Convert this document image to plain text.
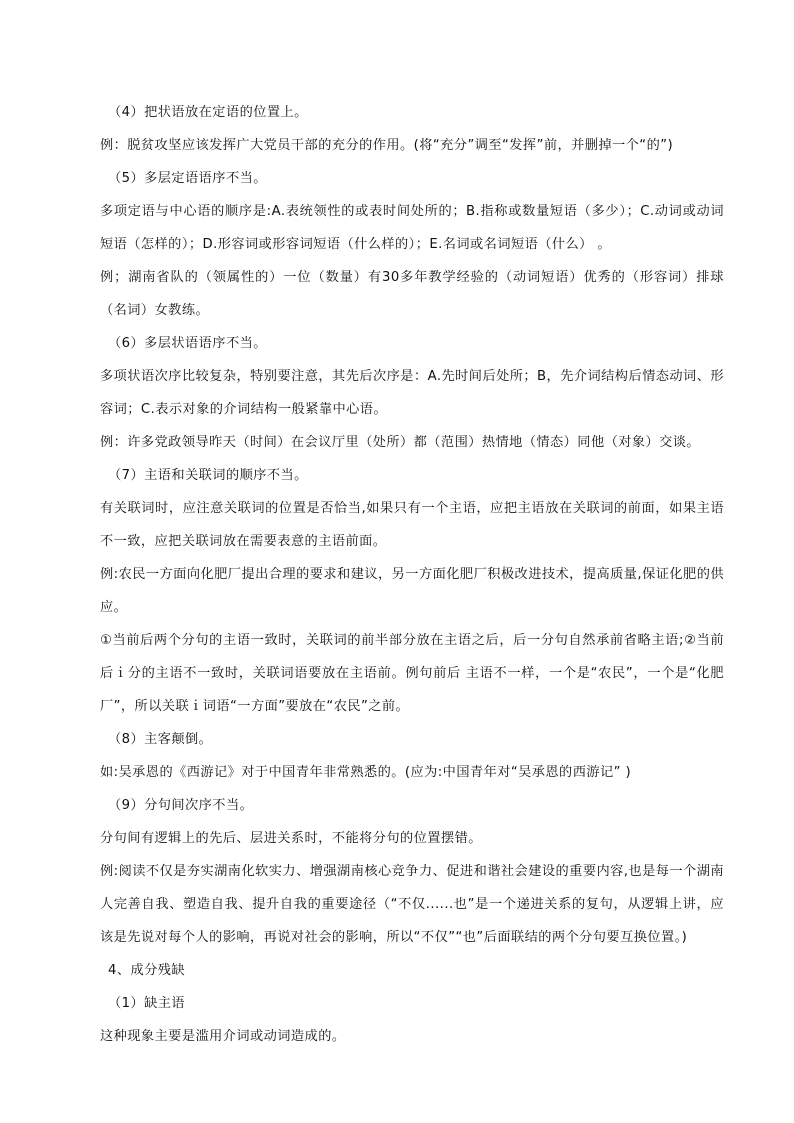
（4）把状语放在定语的位置上。

例：脱贫攻坚应该发挥广大党员干部的充分的作用。(将“充分”调至“发挥”前，并删掉一个“的”)

（5）多层定语语序不当。

多项定语与中心语的顺序是:A.表统领性的或表时间处所的；B.指称或数量短语（多少）；C.动词或动词短语（怎样的）；D.形容词或形容词短语（什么样的）；E.名词或名词短语（什么） 。

例；湖南省队的（领属性的）一位（数量）有30多年教学经验的（动词短语）优秀的（形容词）排球（名词）女教练。

（6）多层状语语序不当。

多项状语次序比较复杂，特别要注意，其先后次序是：A.先时间后处所；B，先介词结构后情态动词、形容词；C.表示对象的介词结构一般紧靠中心语。

例：许多党政领导昨天（时间）在会议厅里（处所）都（范围）热情地（情态）同他（对象）交谈。

（7）主语和关联词的顺序不当。

有关联词时，应注意关联词的位置是否恰当,如果只有一个主语，应把主语放在关联词的前面，如果主语不一致，应把关联词放在需要表意的主语前面。

例:农民一方面向化肥厂提出合理的要求和建议，另一方面化肥厂积极改进技术，提高质量,保证化肥的供应。

①当前后两个分句的主语一致时，关联词的前半部分放在主语之后，后一分句自然承前省略主语;②当前后ｉ分的主语不一致时，关联词语要放在主语前。例句前后 主语不一样，一个是“农民”，一个是“化肥厂”，所以关联ｉ词语“一方面”要放在“农民”之前。

（8）主客颠倒。

如:吴承恩的《西游记》对于中国青年非常熟悉的。(应为:中国青年对“吴承恩的西游记” )

（9）分句间次序不当。

分句间有逻辑上的先后、层进关系时，不能将分句的位置摆错。

例:阅读不仅是夯实湖南化软实力、增强湖南核心竞争力、促进和谐社会建设的重要内容,也是每一个湖南人完善自我、塑造自我、提升自我的重要途径（“不仅......也”是一个递进关系的复句，从逻辑上讲，应该是先说对每个人的影响，再说对社会的影响，所以“不仅”“也”后面联结的两个分句要互换位置。)

4、成分残缺

（1）缺主语

这种现象主要是滥用介词或动词造成的。
